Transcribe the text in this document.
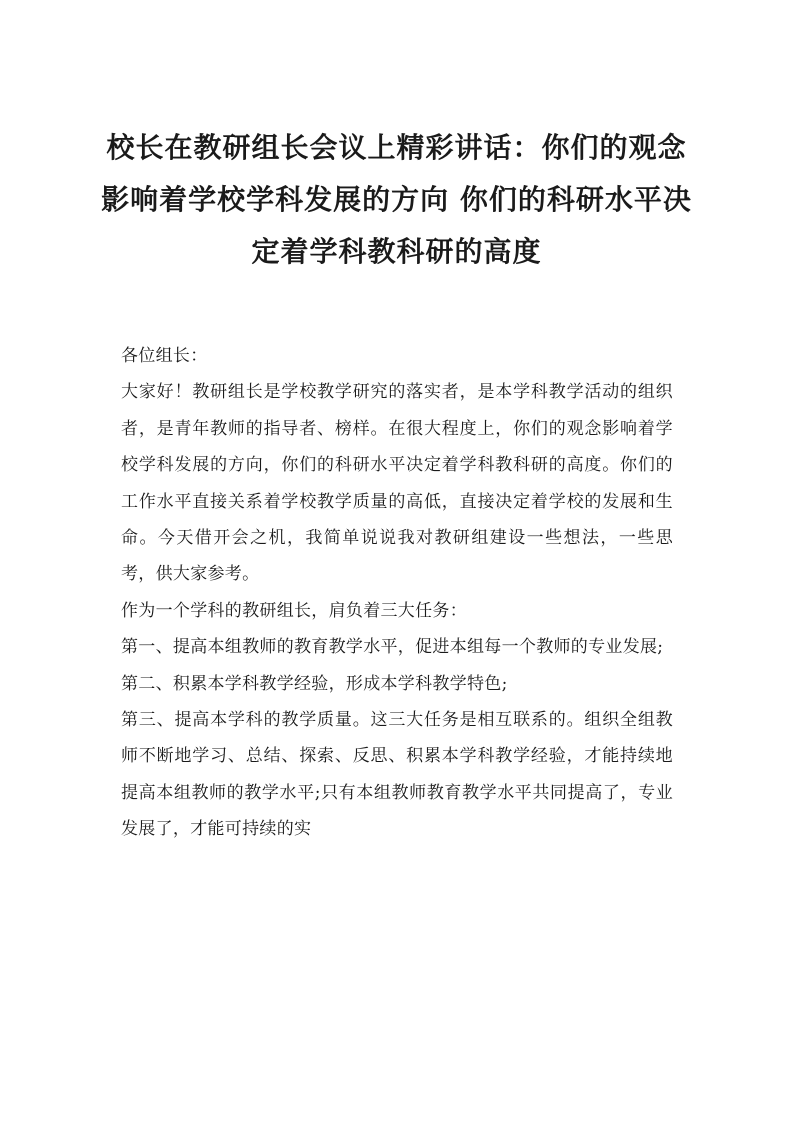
校长在教研组长会议上精彩讲话：你们的观念影响着学校学科发展的方向 你们的科研水平决定着学科教科研的高度

各位组长：

大家好！教研组长是学校教学研究的落实者，是本学科教学活动的组织者，是青年教师的指导者、榜样。在很大程度上，你们的观念影响着学校学科发展的方向，你们的科研水平决定着学科教科研的高度。你们的工作水平直接关系着学校教学质量的高低，直接决定着学校的发展和生命。今天借开会之机，我简单说说我对教研组建设一些想法，一些思考，供大家参考。

作为一个学科的教研组长，肩负着三大任务：

第一、提高本组教师的教育教学水平，促进本组每一个教师的专业发展;

第二、积累本学科教学经验，形成本学科教学特色;

第三、提高本学科的教学质量。这三大任务是相互联系的。组织全组教师不断地学习、总结、探索、反思、积累本学科教学经验，才能持续地提高本组教师的教学水平;只有本组教师教育教学水平共同提高了，专业发展了，才能可持续的实
